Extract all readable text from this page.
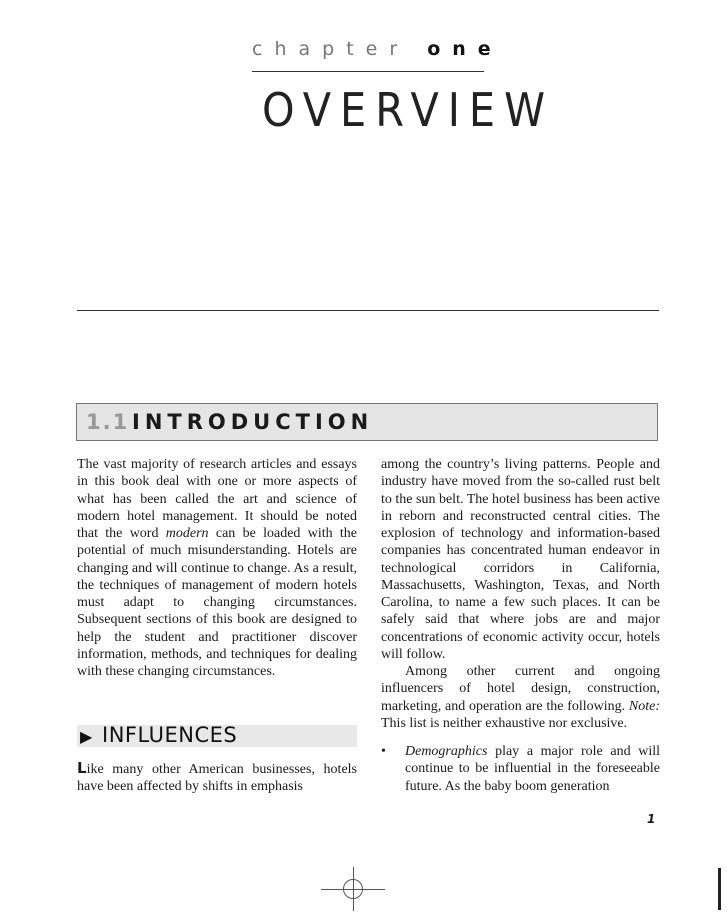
chapter one
OVERVIEW
1.1 INTRODUCTION

The vast majority of research articles and essays in this book deal with one or more aspects of what has been called the art and science of modern hotel management. It should be noted that the word modern can be loaded with the potential of much misunderstanding. Hotels are changing and will continue to change. As a result, the techniques of management of modern hotels must adapt to changing circumstances. Subsequent sections of this book are designed to help the student and practitioner discover information, methods, and techniques for dealing with these changing circumstances.

▶ INFLUENCES

Like many other American businesses, hotels have been affected by shifts in emphasis

among the country’s living patterns. People and industry have moved from the so-called rust belt to the sun belt. The hotel business has been active in reborn and reconstructed central cities. The explosion of technology and information-based companies has concentrated human endeavor in technological corridors in California, Massachusetts, Washington, Texas, and North Carolina, to name a few such places. It can be safely said that where jobs are and major concentrations of economic activity occur, hotels will follow.

Among other current and ongoing influencers of hotel design, construction, marketing, and operation are the following. Note: This list is neither exhaustive nor exclusive.

• Demographics play a major role and will continue to be influential in the foreseeable future. As the baby boom generation
1
